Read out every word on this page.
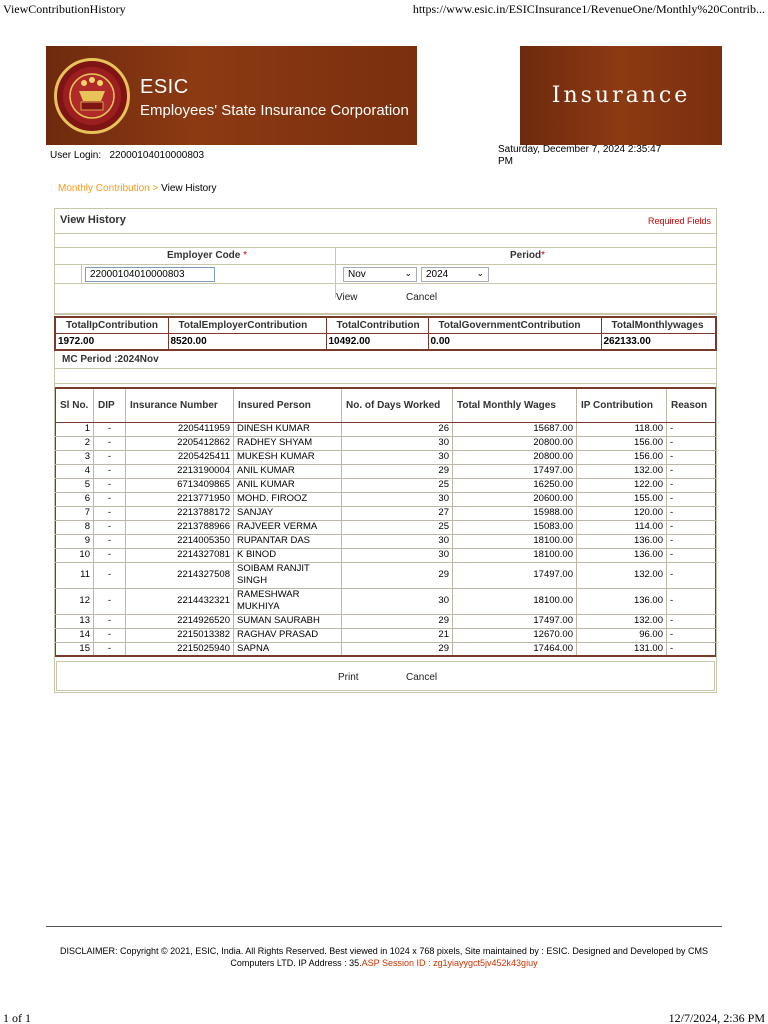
ViewContributionHistory	https://www.esic.in/ESICInsurance1/RevenueOne/Monthly%20Contrib...
ESIC
Employees' State Insurance Corporation
Insurance
User Login: 22000104010000803
Saturday, December 7, 2024 2:35:47 PM
Monthly Contribution > View History
View History	Required Fields
Employer Code *	Period*
22000104010000803	Nov	⌄	2024	⌄
View	Cancel
TotalIpContribution	TotalEmployerContribution	TotalContribution	TotalGovernmentContribution	TotalMonthlywages
1972.00	8520.00	10492.00	0.00	262133.00
MC Period :2024Nov
Sl No.	DIP	Insurance Number	Insured Person	No. of Days Worked	Total Monthly Wages	IP Contribution	Reason
1	-	2205411959	DINESH KUMAR	26	15687.00	118.00	-
2	-	2205412862	RADHEY SHYAM	30	20800.00	156.00	-
3	-	2205425411	MUKESH KUMAR	30	20800.00	156.00	-
4	-	2213190004	ANIL KUMAR	29	17497.00	132.00	-
5	-	6713409865	ANIL KUMAR	25	16250.00	122.00	-
6	-	2213771950	MOHD. FIROOZ	30	20600.00	155.00	-
7	-	2213788172	SANJAY	27	15988.00	120.00	-
8	-	2213788966	RAJVEER VERMA	25	15083.00	114.00	-
9	-	2214005350	RUPANTAR DAS	30	18100.00	136.00	-
10	-	2214327081	K BINOD	30	18100.00	136.00	-
11	-	2214327508	SOIBAM RANJIT SINGH	29	17497.00	132.00	-
12	-	2214432321	RAMESHWAR MUKHIYA	30	18100.00	136.00	-
13	-	2214926520	SUMAN SAURABH	29	17497.00	132.00	-
14	-	2215013382	RAGHAV PRASAD	21	12670.00	96.00	-
15	-	2215025940	SAPNA	29	17464.00	131.00	-
Print	Cancel
DISCLAIMER: Copyright © 2021, ESIC, India. All Rights Reserved. Best viewed in 1024 x 768 pixels, Site maintained by : ESIC. Designed and Developed by CMS
Computers LTD. IP Address : 35.ASP Session ID : zg1yiayygct5jv452k43giuy
1 of 1	12/7/2024, 2:36 PM
